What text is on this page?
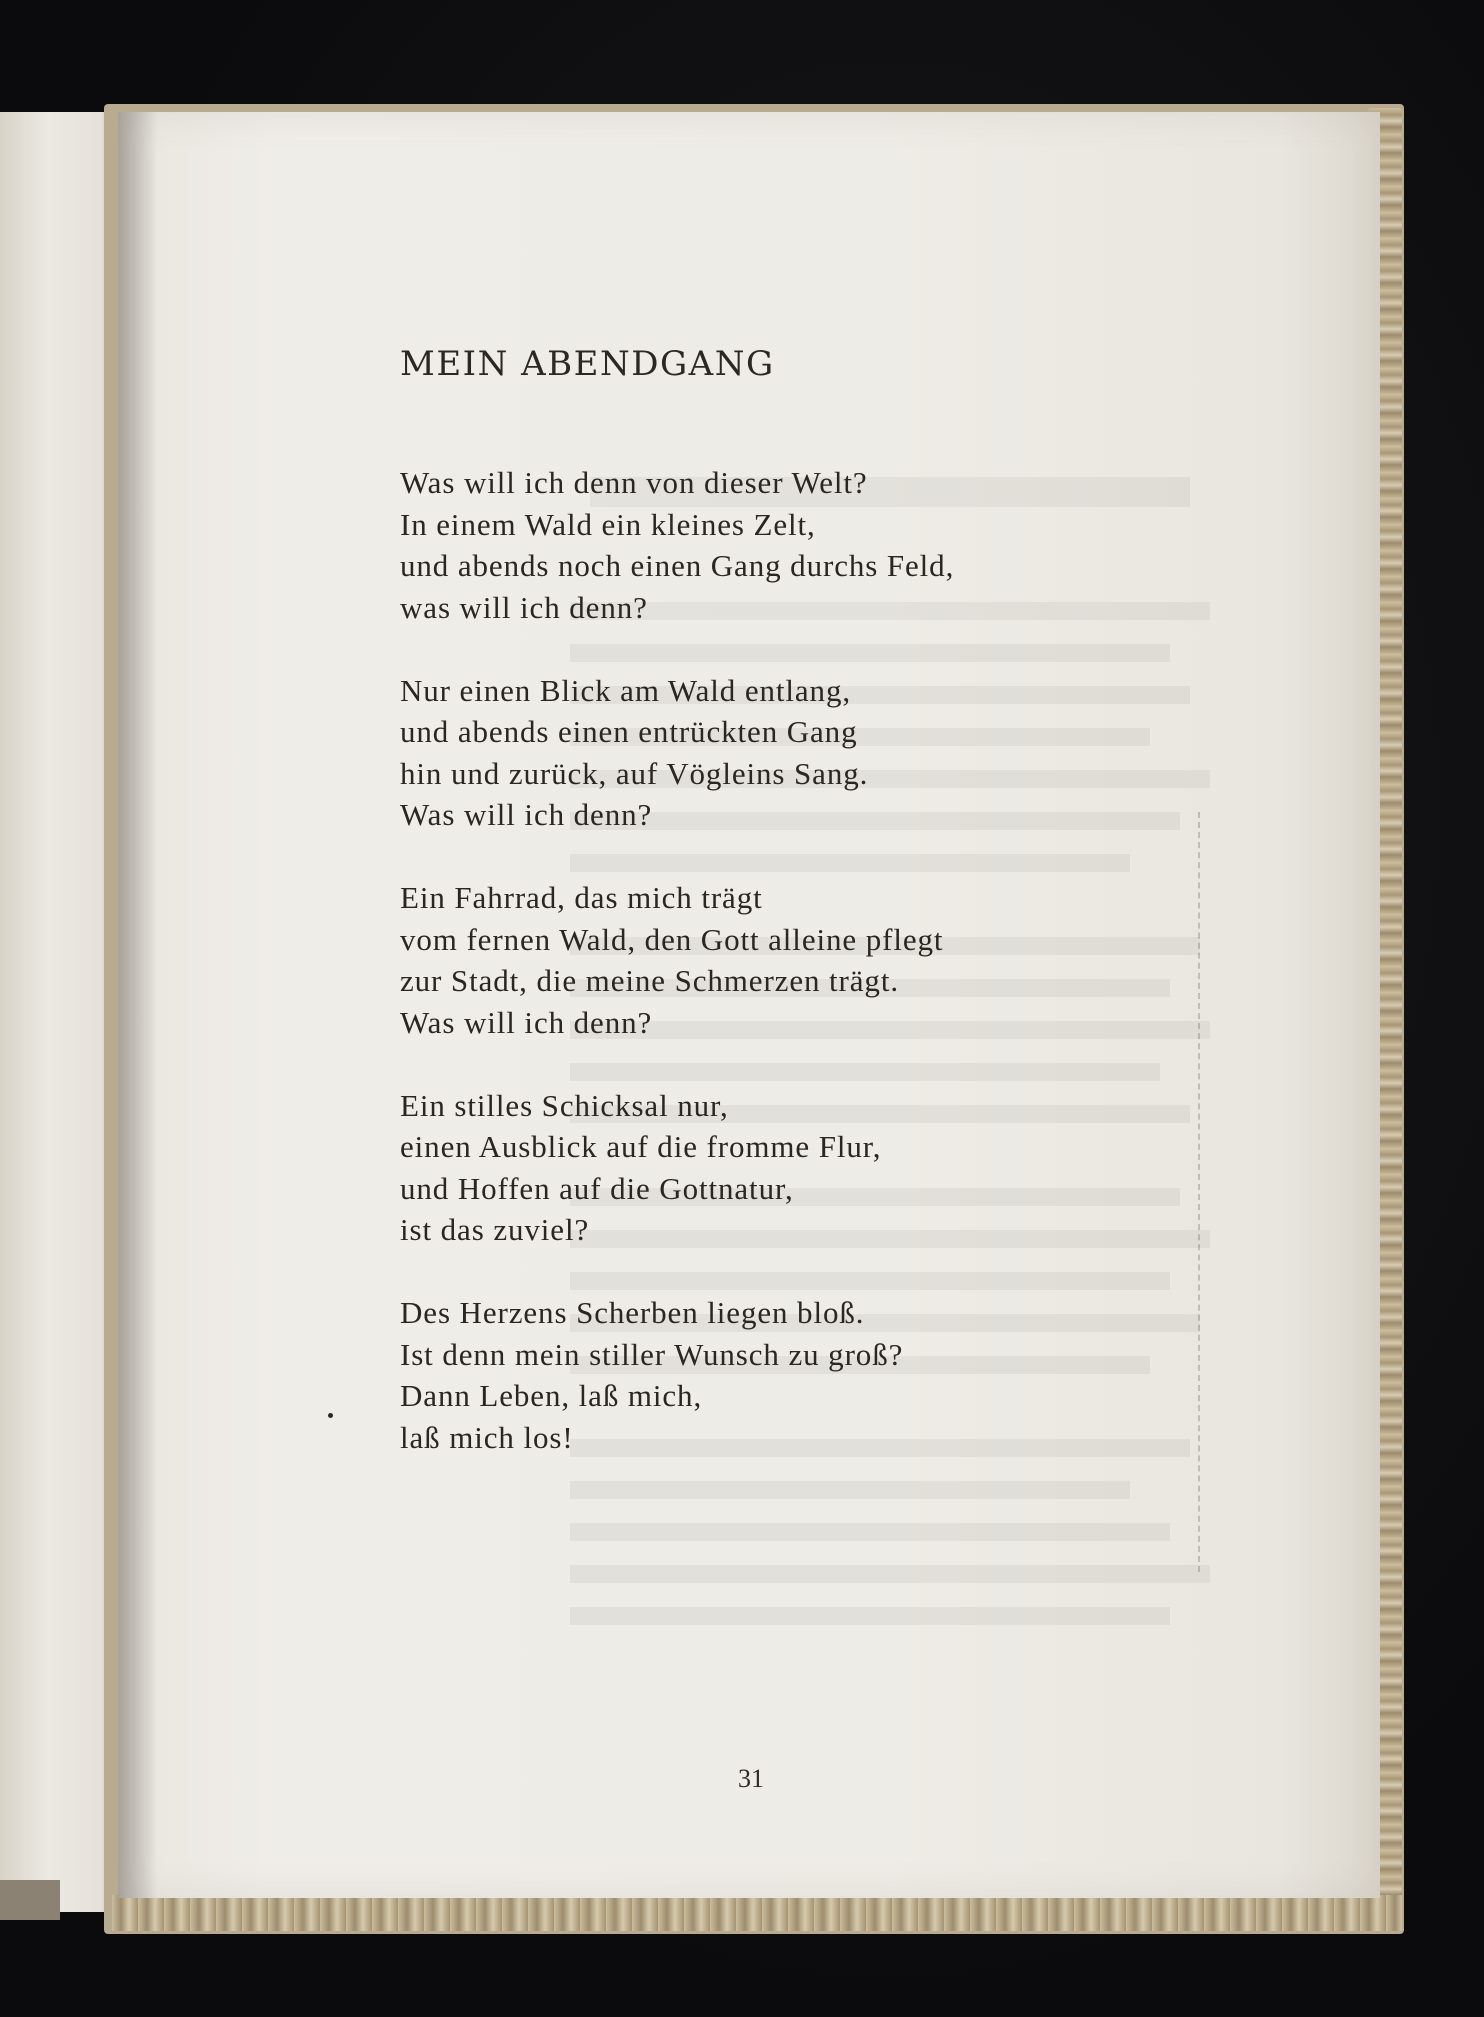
MEIN ABENDGANG
Was will ich denn von dieser Welt?
In einem Wald ein kleines Zelt,
und abends noch einen Gang durchs Feld,
was will ich denn?
Nur einen Blick am Wald entlang,
und abends einen entrückten Gang
hin und zurück, auf Vögleins Sang.
Was will ich denn?
Ein Fahrrad, das mich trägt
vom fernen Wald, den Gott alleine pflegt
zur Stadt, die meine Schmerzen trägt.
Was will ich denn?
Ein stilles Schicksal nur,
einen Ausblick auf die fromme Flur,
und Hoffen auf die Gottnatur,
ist das zuviel?
Des Herzens Scherben liegen bloß.
Ist denn mein stiller Wunsch zu groß?
Dann Leben, laß mich,
laß mich los!
31
